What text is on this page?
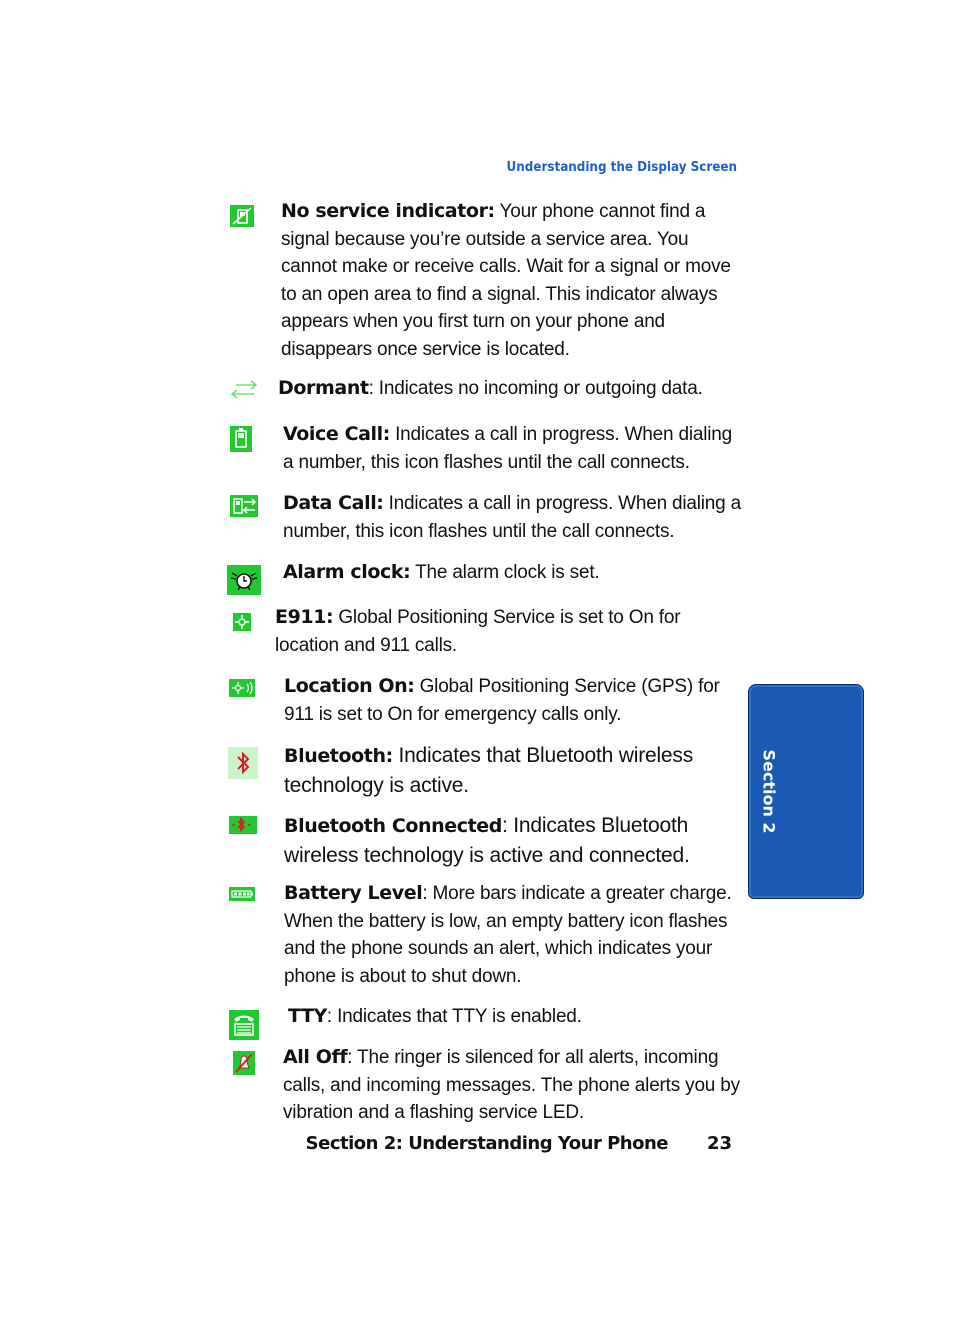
Understanding the Display Screen
No service indicator: Your phone cannot find a signal because you’re outside a service area. You cannot make or receive calls. Wait for a signal or move to an open area to find a signal. This indicator always appears when you first turn on your phone and disappears once service is located.
Dormant: Indicates no incoming or outgoing data.
Voice Call: Indicates a call in progress. When dialing a number, this icon flashes until the call connects.
Data Call: Indicates a call in progress. When dialing a number, this icon flashes until the call connects.
Alarm clock: The alarm clock is set.
E911: Global Positioning Service is set to On for location and 911 calls.
Location On: Global Positioning Service (GPS) for 911 is set to On for emergency calls only.
Bluetooth: Indicates that Bluetooth wireless technology is active.
Bluetooth Connected: Indicates Bluetooth wireless technology is active and connected.
Battery Level: More bars indicate a greater charge. When the battery is low, an empty battery icon flashes and the phone sounds an alert, which indicates your phone is about to shut down.
TTY: Indicates that TTY is enabled.
All Off: The ringer is silenced for all alerts, incoming calls, and incoming messages. The phone alerts you by vibration and a flashing service LED.
Section 2
Section 2: Understanding Your Phone 23
